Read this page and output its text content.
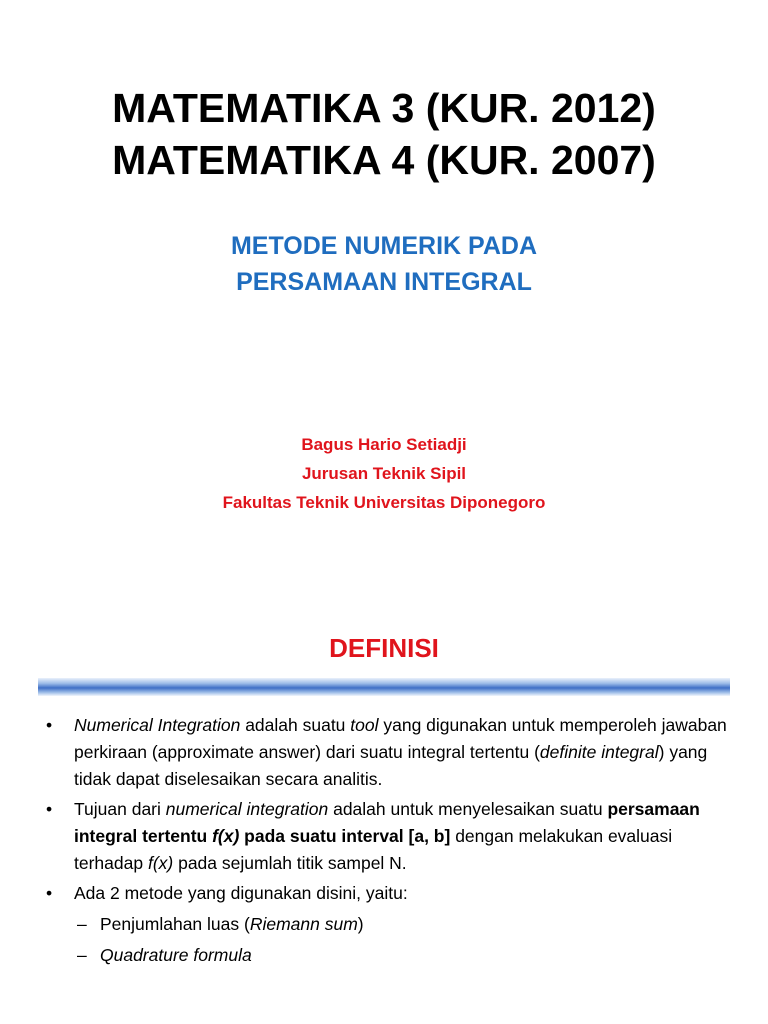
MATEMATIKA 3 (KUR. 2012)
MATEMATIKA 4 (KUR. 2007)
METODE NUMERIK PADA
PERSAMAAN INTEGRAL
Bagus Hario Setiadji
Jurusan Teknik Sipil
Fakultas Teknik Universitas Diponegoro
DEFINISI
• Numerical Integration adalah suatu tool yang digunakan untuk memperoleh jawaban perkiraan (approximate answer) dari suatu integral tertentu (definite integral) yang tidak dapat diselesaikan secara analitis.
• Tujuan dari numerical integration adalah untuk menyelesaikan suatu persamaan integral tertentu f(x) pada suatu interval [a, b] dengan melakukan evaluasi terhadap f(x) pada sejumlah titik sampel N.
• Ada 2 metode yang digunakan disini, yaitu:
– Penjumlahan luas (Riemann sum)
– Quadrature formula
